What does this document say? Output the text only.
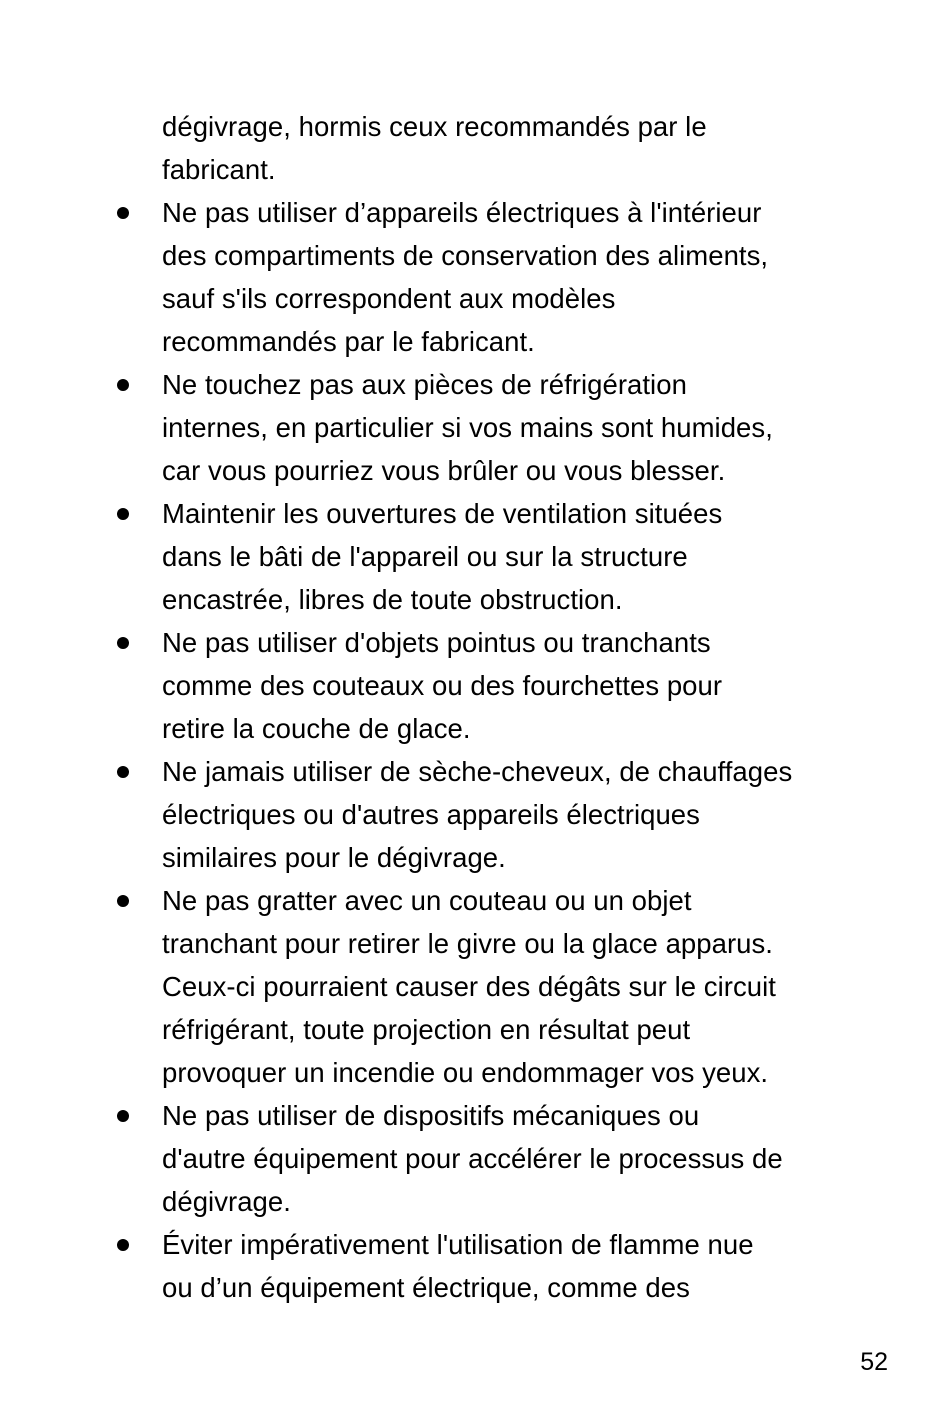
dégivrage, hormis ceux recommandés par le
fabricant.
Ne pas utiliser d’appareils électriques à l'intérieur
des compartiments de conservation des aliments,
sauf s'ils correspondent aux modèles
recommandés par le fabricant.
Ne touchez pas aux pièces de réfrigération
internes, en particulier si vos mains sont humides,
car vous pourriez vous brûler ou vous blesser.
Maintenir les ouvertures de ventilation situées
dans le bâti de l'appareil ou sur la structure
encastrée, libres de toute obstruction.
Ne pas utiliser d'objets pointus ou tranchants
comme des couteaux ou des fourchettes pour
retire la couche de glace.
Ne jamais utiliser de sèche-cheveux, de chauffages
électriques ou d'autres appareils électriques
similaires pour le dégivrage.
Ne pas gratter avec un couteau ou un objet
tranchant pour retirer le givre ou la glace apparus.
Ceux-ci pourraient causer des dégâts sur le circuit
réfrigérant, toute projection en résultat peut
provoquer un incendie ou endommager vos yeux.
Ne pas utiliser de dispositifs mécaniques ou
d'autre équipement pour accélérer le processus de
dégivrage.
Éviter impérativement l'utilisation de flamme nue
ou d’un équipement électrique, comme des
52
